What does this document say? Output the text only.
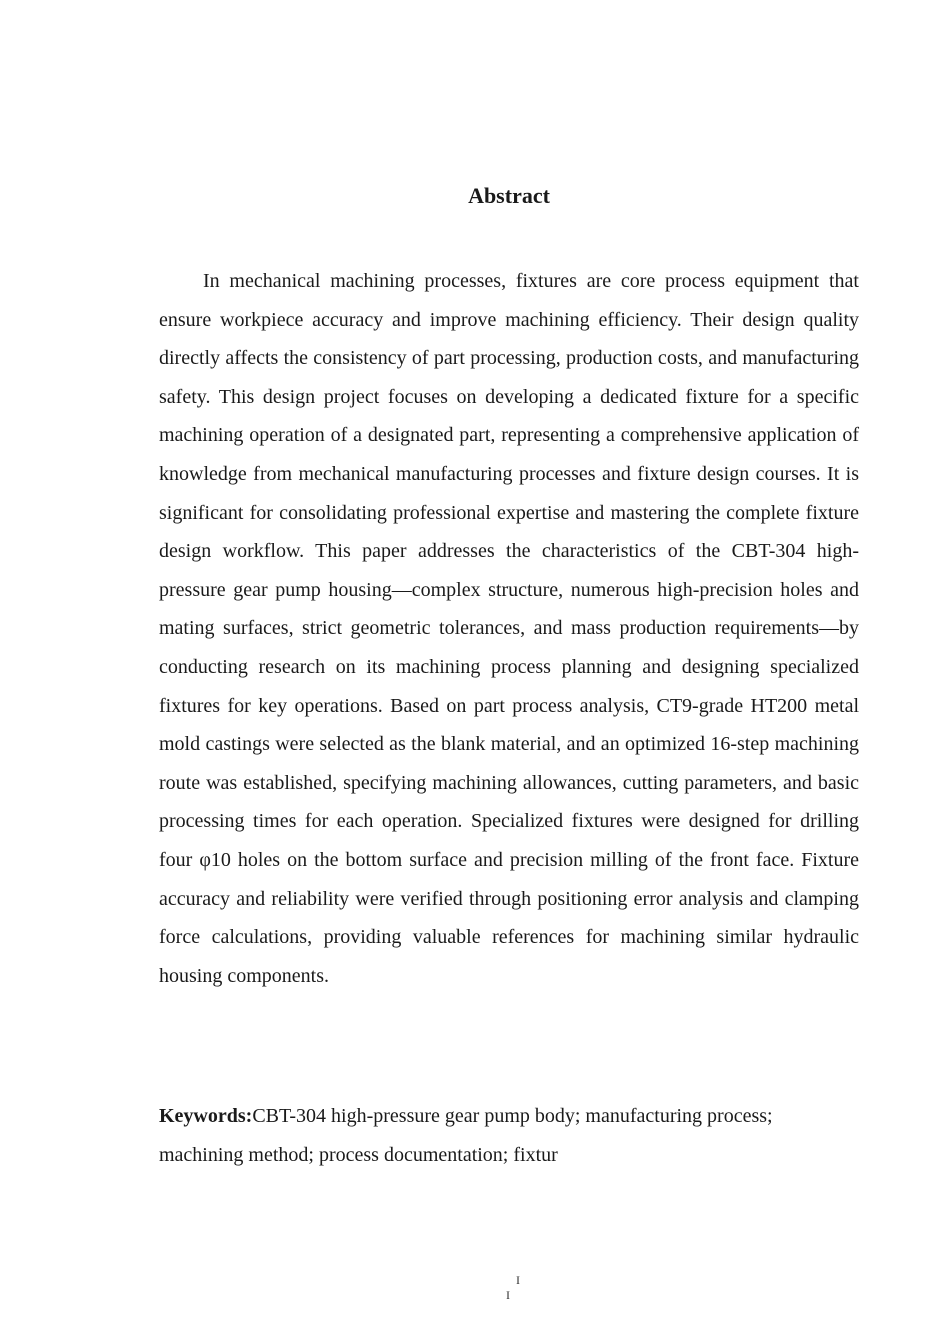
Abstract

In mechanical machining processes, fixtures are core process equipment that ensure workpiece accuracy and improve machining efficiency. Their design quality directly affects the consistency of part processing, production costs, and manufacturing safety. This design project focuses on developing a dedicated fixture for a specific machining operation of a designated part, representing a comprehensive application of knowledge from mechanical manufacturing processes and fixture design courses. It is significant for consolidating professional expertise and mastering the complete fixture design workflow. This paper addresses the characteristics of the CBT-304 high-pressure gear pump housing—complex structure, numerous high-precision holes and mating surfaces, strict geometric tolerances, and mass production requirements—by conducting research on its machining process planning and designing specialized fixtures for key operations. Based on part process analysis, CT9-grade HT200 metal mold castings were selected as the blank material, and an optimized 16-step machining route was established, specifying machining allowances, cutting parameters, and basic processing times for each operation. Specialized fixtures were designed for drilling four φ10 holes on the bottom surface and precision milling of the front face. Fixture accuracy and reliability were verified through positioning error analysis and clamping force calculations, providing valuable references for machining similar hydraulic housing components.

Keywords:CBT-304 high-pressure gear pump body; manufacturing process; machining method; process documentation; fixtur

I
I
